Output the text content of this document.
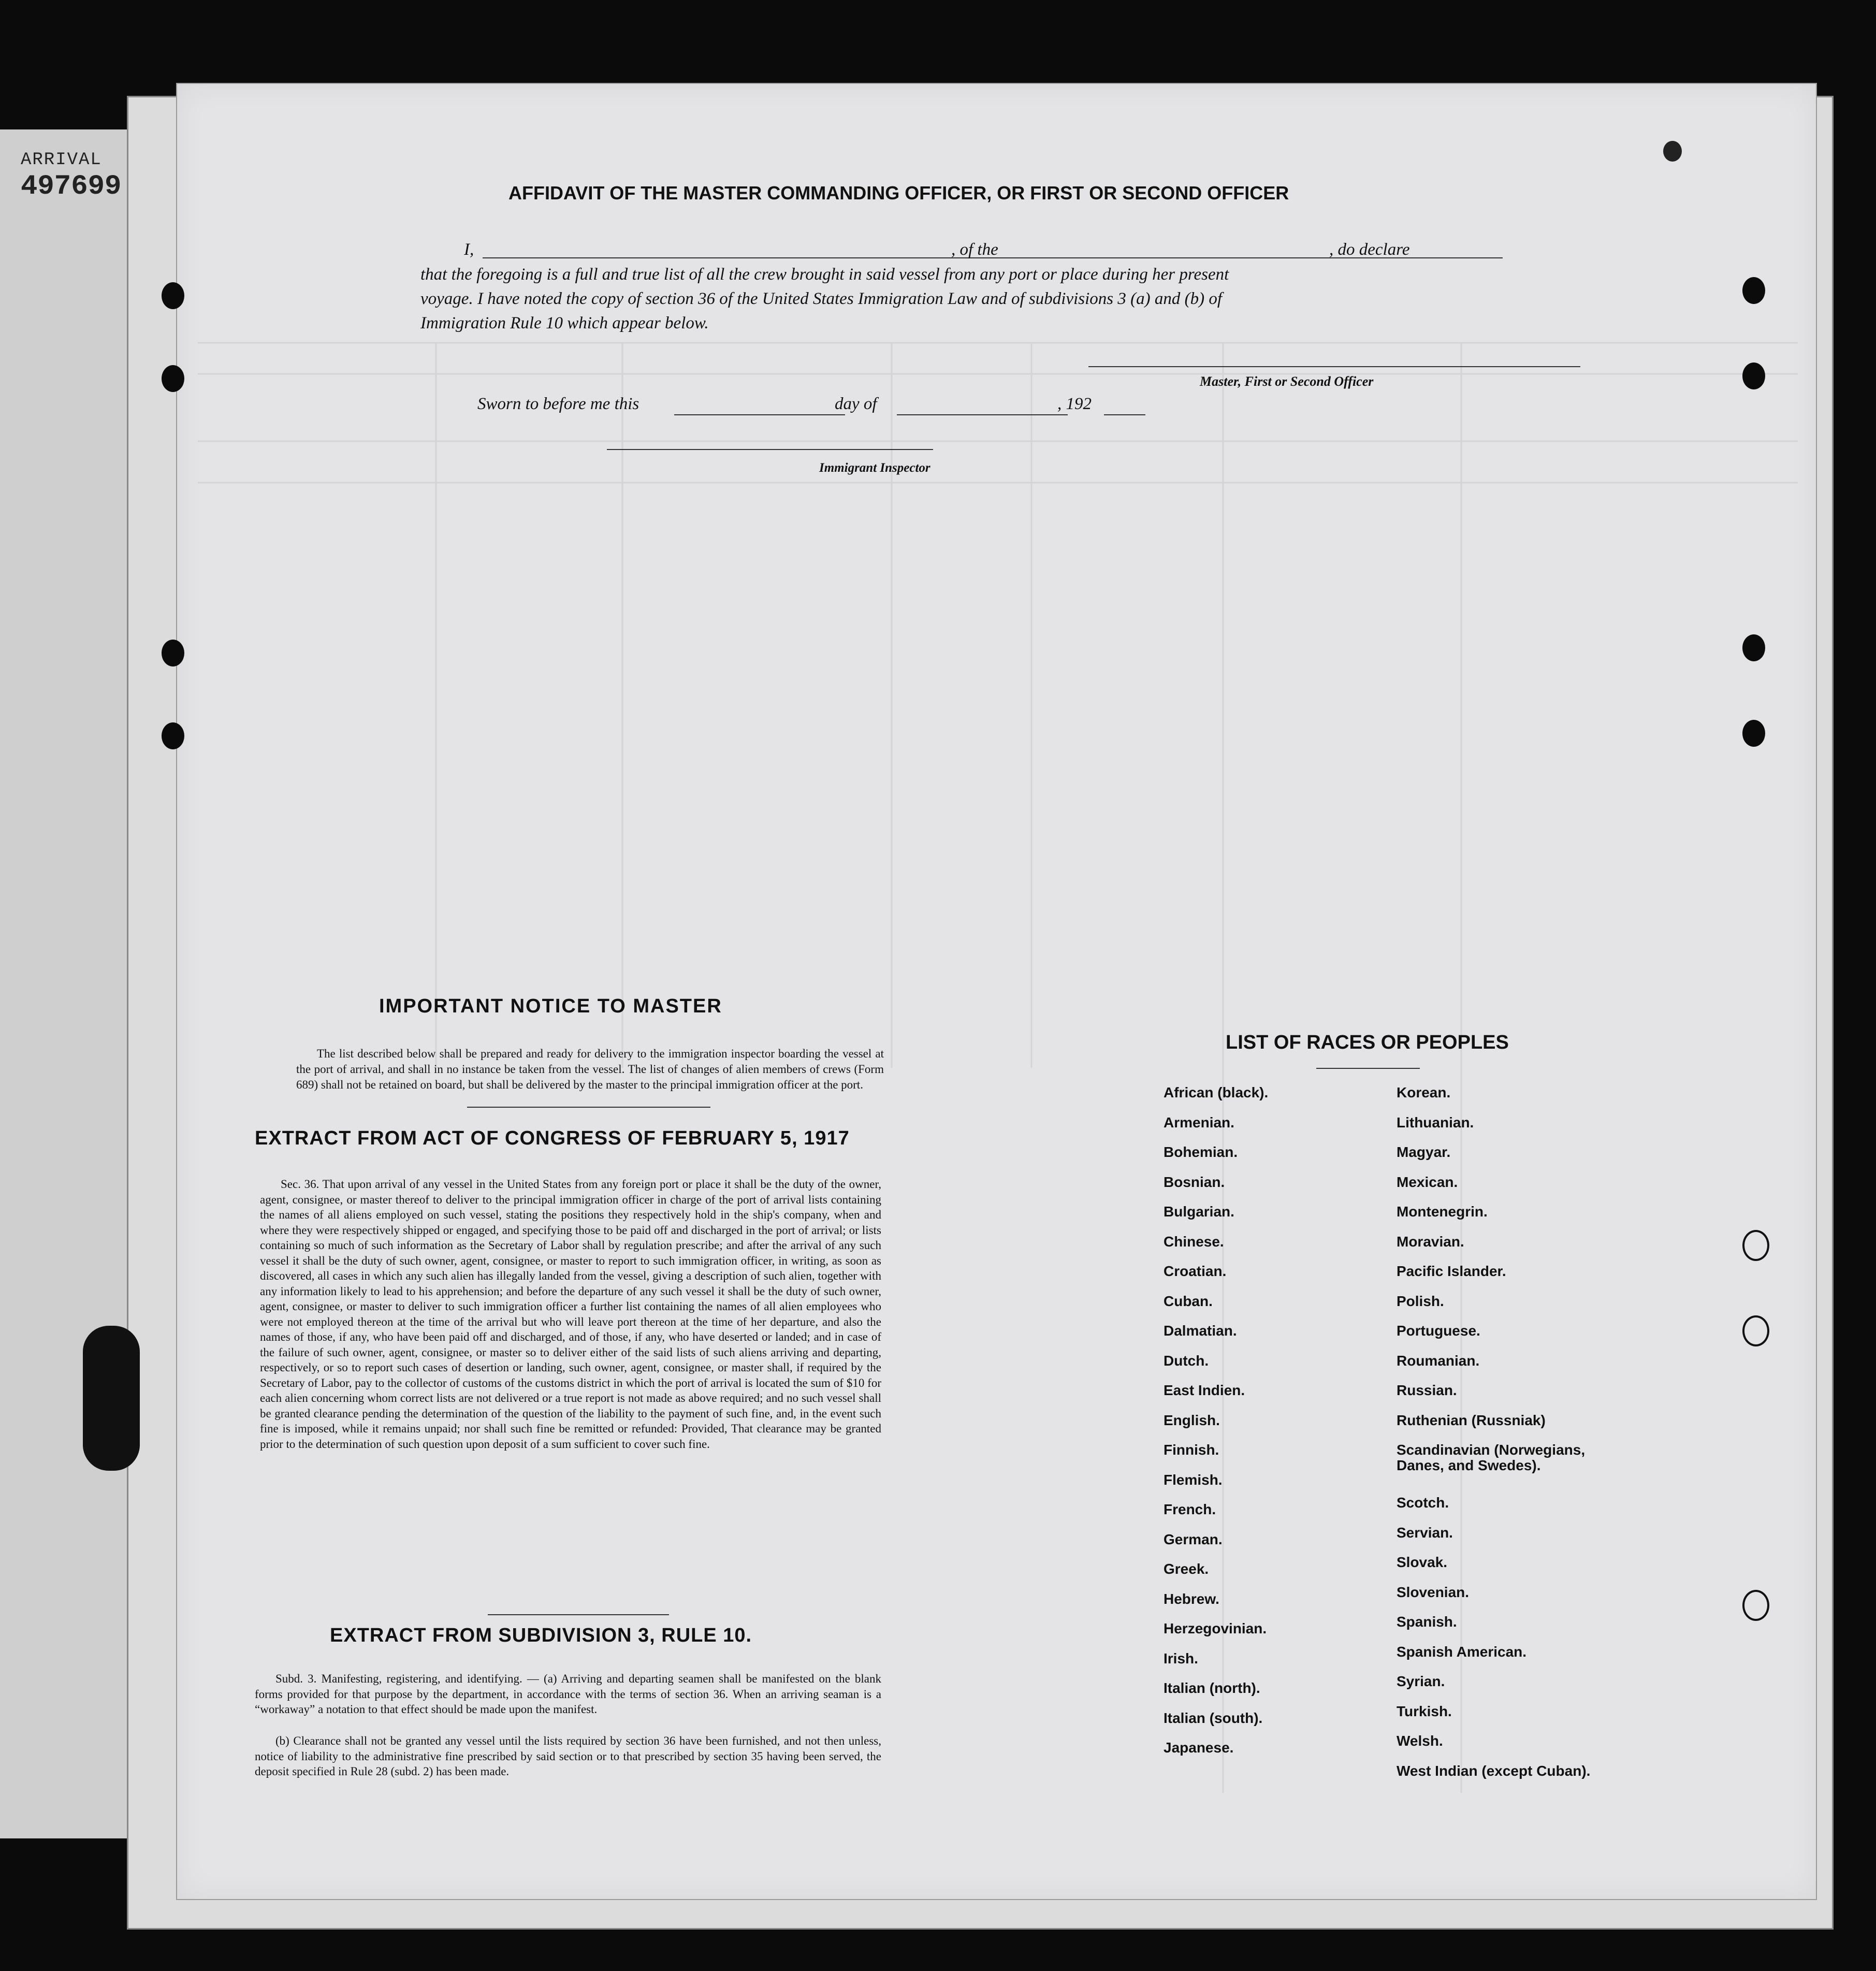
ARRIVAL
497699	AFFIDAVIT OF THE MASTER COMMANDING OFFICER, OR FIRST OR SECOND OFFICER
I,	, of the	, do declare
that the foregoing is a full and true list of all the crew brought in said vessel from any port or place during her present
voyage. I have noted the copy of section 36 of the United States Immigration Law and of subdivisions 3 (a) and (b) of
Immigration Rule 10 which appear below.
Master, First or Second Officer
Sworn to before me this	day of	, 192
Immigrant Inspector
IMPORTANT NOTICE TO MASTER
The list described below shall be prepared and ready for delivery to the immigration inspector boarding the vessel at the port of arrival, and shall in no instance be taken from the vessel. The list of changes of alien members of crews (Form 689) shall not be retained on board, but shall be delivered by the master to the principal immigration officer at the port.
EXTRACT FROM ACT OF CONGRESS OF FEBRUARY 5, 1917
Sec. 36. That upon arrival of any vessel in the United States from any foreign port or place it shall be the duty of the owner, agent, consignee, or master thereof to deliver to the principal immigration officer in charge of the port of arrival lists containing the names of all aliens employed on such vessel, stating the positions they respectively hold in the ship's company, when and where they were respectively shipped or engaged, and specifying those to be paid off and discharged in the port of arrival; or lists containing so much of such information as the Secretary of Labor shall by regulation prescribe; and after the arrival of any such vessel it shall be the duty of such owner, agent, consignee, or master to report to such immigration officer, in writing, as soon as discovered, all cases in which any such alien has illegally landed from the vessel, giving a description of such alien, together with any information likely to lead to his apprehension; and before the departure of any such vessel it shall be the duty of such owner, agent, consignee, or master to deliver to such immigration officer a further list containing the names of all alien employees who were not employed thereon at the time of the arrival but who will leave port thereon at the time of her departure, and also the names of those, if any, who have been paid off and discharged, and of those, if any, who have deserted or landed; and in case of the failure of such owner, agent, consignee, or master so to deliver either of the said lists of such aliens arriving and departing, respectively, or so to report such cases of desertion or landing, such owner, agent, consignee, or master shall, if required by the Secretary of Labor, pay to the collector of customs of the customs district in which the port of arrival is located the sum of $10 for each alien concerning whom correct lists are not delivered or a true report is not made as above required; and no such vessel shall be granted clearance pending the determination of the question of the liability to the payment of such fine, and, in the event such fine is imposed, while it remains unpaid; nor shall such fine be remitted or refunded: Provided, That clearance may be granted prior to the determination of such question upon deposit of a sum sufficient to cover such fine.
EXTRACT FROM SUBDIVISION 3, RULE 10.
Subd. 3. Manifesting, registering, and identifying. — (a) Arriving and departing seamen shall be manifested on the blank forms provided for that purpose by the department, in accordance with the terms of section 36. When an arriving seaman is a “workaway” a notation to that effect should be made upon the manifest.
(b) Clearance shall not be granted any vessel until the lists required by section 36 have been furnished, and not then unless, notice of liability to the administrative fine prescribed by said section or to that prescribed by section 35 having been served, the deposit specified in Rule 28 (subd. 2) has been made.
LIST OF RACES OR PEOPLES
African (black).
Armenian.
Bohemian.
Bosnian.
Bulgarian.
Chinese.
Croatian.
Cuban.
Dalmatian.
Dutch.
East Indien.
English.
Finnish.
Flemish.
French.
German.
Greek.
Hebrew.
Herzegovinian.
Irish.
Italian (north).
Italian (south).
Japanese.
Korean.
Lithuanian.
Magyar.
Mexican.
Montenegrin.
Moravian.
Pacific Islander.
Polish.
Portuguese.
Roumanian.
Russian.
Ruthenian (Russniak)
Scandinavian (Norwegians,
Danes, and Swedes).
Scotch.
Servian.
Slovak.
Slovenian.
Spanish.
Spanish American.
Syrian.
Turkish.
Welsh.
West Indian (except Cuban).
